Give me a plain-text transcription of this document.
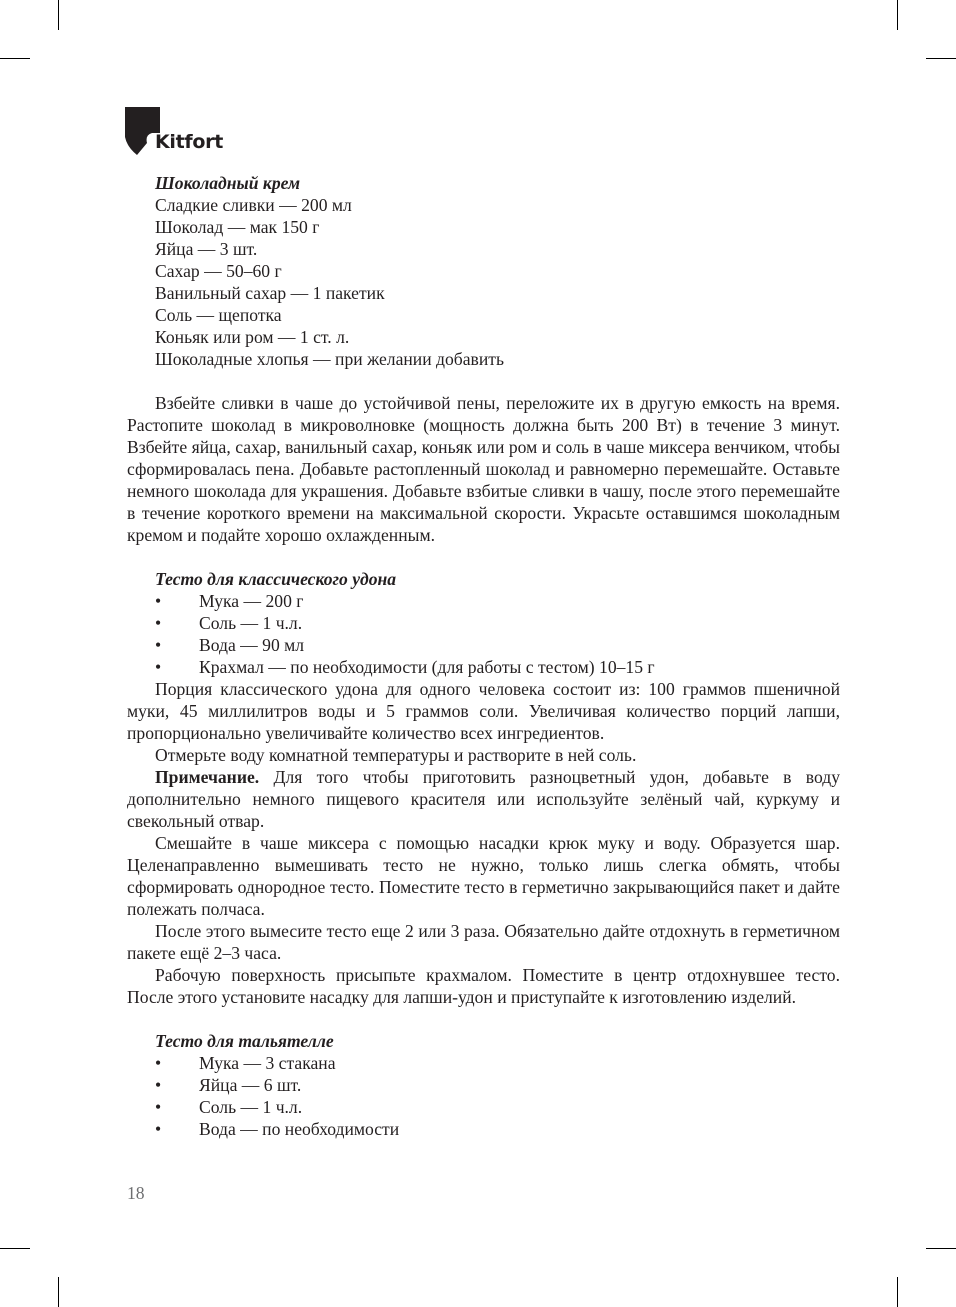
Kitfort
Шоколадный крем
Сладкие сливки — 200 мл
Шоколад — мак 150 г
Яйца — 3 шт.
Сахар — 50–60 г
Ванильный сахар — 1 пакетик
Соль — щепотка
Коньяк или ром — 1 ст. л.
Шоколадные хлопья — при желании добавить

Взбейте сливки в чаше до устойчивой пены, переложите их в другую емкость на время. Растопите шоколад в микроволновке (мощность должна быть 200 Вт) в течение 3 минут. Взбейте яйца, сахар, ванильный сахар, коньяк или ром и соль в чаше миксера венчиком, чтобы сформировалась пена. Добавьте растопленный шоколад и равномерно перемешайте. Оставьте немного шоколада для украшения. Добавьте взбитые сливки в чашу, после этого перемешайте в течение короткого времени на максимальной скорости. Украсьте оставшимся шоколадным кремом и подайте хорошо охлажденным.

Тесто для классического удона
• Мука — 200 г
• Соль — 1 ч.л.
• Вода — 90 мл
• Крахмал — по необходимости (для работы с тестом) 10–15 г

Порция классического удона для одного человека состоит из: 100 граммов пшеничной муки, 45 миллилитров воды и 5 граммов соли. Увеличивая количество порций лапши, пропорционально увеличивайте количество всех ингредиентов.

Отмерьте воду комнатной температуры и растворите в ней соль.

Примечание. Для того чтобы приготовить разноцветный удон, добавьте в воду дополнительно немного пищевого красителя или используйте зелёный чай, куркуму и свекольный отвар.

Смешайте в чаше миксера с помощью насадки крюк муку и воду. Образуется шар. Целенаправленно вымешивать тесто не нужно, только лишь слегка обмять, чтобы сформировать однородное тесто. Поместите тесто в герметично закрывающийся пакет и дайте полежать полчаса.

После этого вымесите тесто еще 2 или 3 раза. Обязательно дайте отдохнуть в герметичном пакете ещё 2–3 часа.

Рабочую поверхность присыпьте крахмалом. Поместите в центр отдохнувшее тесто. После этого установите насадку для лапши-удон и приступайте к изготовлению изделий.

Тесто для тальятелле
• Мука — 3 стакана
• Яйца — 6 шт.
• Соль — 1 ч.л.
• Вода — по необходимости
18
